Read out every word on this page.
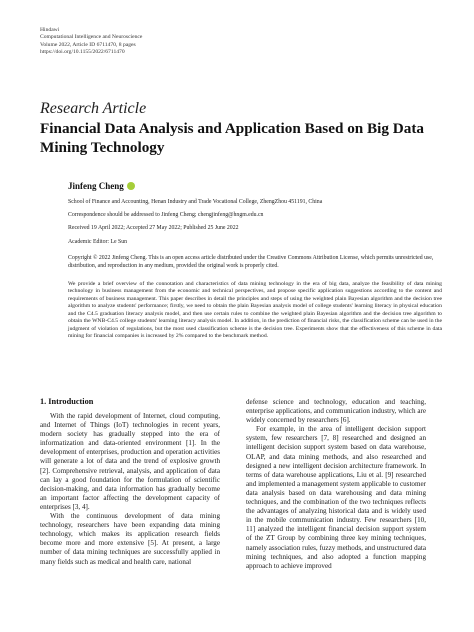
Hindawi
Computational Intelligence and Neuroscience
Volume 2022, Article ID 6711470, 8 pages
https://doi.org/10.1155/2022/6711470
Research Article
Financial Data Analysis and Application Based on Big Data Mining Technology
Jinfeng Cheng
School of Finance and Accounting, Henan Industry and Trade Vocational College, ZhengZhou 451191, China
Correspondence should be addressed to Jinfeng Cheng; chengjinfeng@hngm.edu.cn
Received 19 April 2022; Accepted 27 May 2022; Published 25 June 2022
Academic Editor: Le Sun
Copyright © 2022 Jinfeng Cheng. This is an open access article distributed under the Creative Commons Attribution License, which permits unrestricted use, distribution, and reproduction in any medium, provided the original work is properly cited.
We provide a brief overview of the connotation and characteristics of data mining technology in the era of big data, analyze the feasibility of data mining technology in business management from the economic and technical perspectives, and propose specific application suggestions according to the content and requirements of business management. This paper describes in detail the principles and steps of using the weighted plain Bayesian algorithm and the decision tree algorithm to analyze students' performance; firstly, we need to obtain the plain Bayesian analysis model of college students' learning literacy in physical education and the C4.5 graduation literacy analysis model, and then use certain rules to combine the weighted plain Bayesian algorithm and the decision tree algorithm to obtain the WNB-C4.5 college students' learning literacy analysis model. In addition, in the prediction of financial risks, the classification scheme can be used in the judgment of violation of regulations, but the most used classification scheme is the decision tree. Experiments show that the effectiveness of this scheme in data mining for financial companies is increased by 2% compared to the benchmark method.
1. Introduction

With the rapid development of Internet, cloud computing, and Internet of Things (IoT) technologies in recent years, modern society has gradually stepped into the era of informatization and data-oriented environment [1]. In the development of enterprises, production and operation activities will generate a lot of data and the trend of explosive growth [2]. Comprehensive retrieval, analysis, and application of data can lay a good foundation for the formulation of scientific decision-making, and data information has gradually become an important factor affecting the development capacity of enterprises [3, 4].

With the continuous development of data mining technology, researchers have been expanding data mining technology, which makes its application research fields become more and more extensive [5]. At present, a large number of data mining techniques are successfully applied in many fields such as medical and health care, national

defense science and technology, education and teaching, enterprise applications, and communication industry, which are widely concerned by researchers [6].

For example, in the area of intelligent decision support system, few researchers [7, 8] researched and designed an intelligent decision support system based on data warehouse, OLAP, and data mining methods, and also researched and designed a new intelligent decision architecture framework. In terms of data warehouse applications, Liu et al. [9] researched and implemented a management system applicable to customer data analysis based on data warehousing and data mining techniques, and the combination of the two techniques reflects the advantages of analyzing historical data and is widely used in the mobile communication industry. Few researchers [10, 11] analyzed the intelligent financial decision support system of the ZT Group by combining three key mining techniques, namely association rules, fuzzy methods, and unstructured data mining techniques, and also adopted a function mapping approach to achieve improved
